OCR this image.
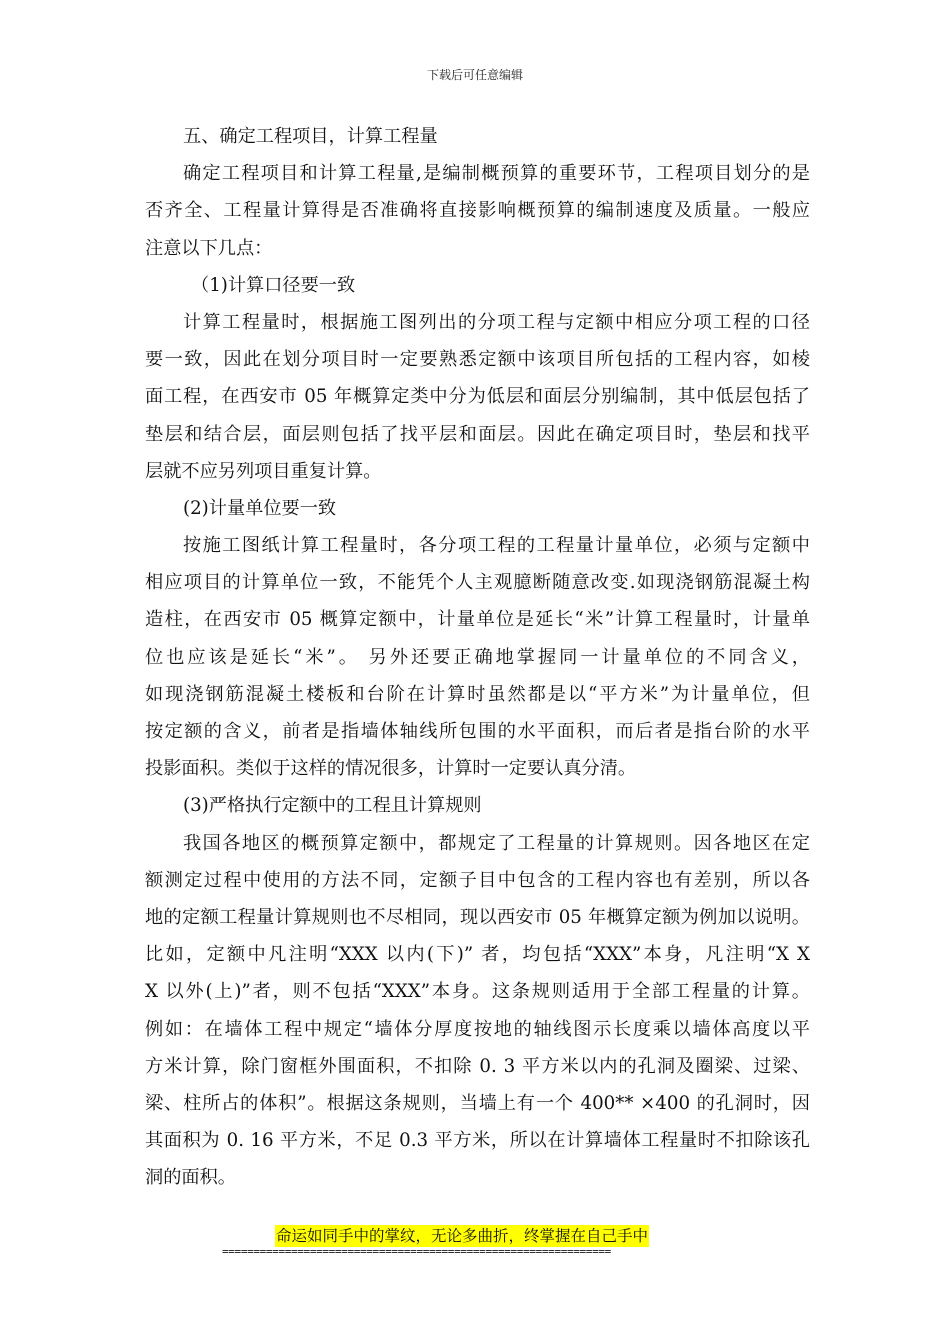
下载后可任意编辑
五、确定工程项目，计算工程量
确定工程项目和计算工程量,是编制概预算的重要环节，工程项目划分的是
否齐全、工程量计算得是否准确将直接影响概预算的编制速度及质量。一般应
注意以下几点：
（1)计算口径要一致
计算工程量时，根据施工图列出的分项工程与定额中相应分项工程的口径
要一致，因此在划分项目时一定要熟悉定额中该项目所包括的工程内容，如棱
面工程，在西安市 05 年概算定类中分为低层和面层分别编制，其中低层包括了
垫层和结合层，面层则包括了找平层和面层。因此在确定项目时，垫层和找平
层就不应另列项目重复计算。
(2)计量单位要一致
按施工图纸计算工程量时，各分项工程的工程量计量单位，必须与定额中
相应项目的计算单位一致，不能凭个人主观臆断随意改变.如现浇钢筋混凝土构
造柱，在西安市 05 概算定额中，计量单位是延长“米”计算工程量时，计量单
位也应该是延长“米”。 另外还要正确地掌握同一计量单位的不同含义，
如现浇钢筋混凝土楼板和台阶在计算时虽然都是以“平方米”为计量单位，但
按定额的含义，前者是指墙体轴线所包围的水平面积，而后者是指台阶的水平
投影面积。类似于这样的情况很多，计算时一定要认真分清。
(3)严格执行定额中的工程且计算规则
我国各地区的概预算定额中，都规定了工程量的计算规则。因各地区在定
额测定过程中使用的方法不同，定额子目中包含的工程内容也有差别，所以各
地的定额工程量计算规则也不尽相同，现以西安市 05 年概算定额为例加以说明。
比如，定额中凡注明“XXX 以内(下)” 者，均包括“XXX”本身，凡注明“X X
X 以外(上)”者，则不包括“XXX”本身。这条规则适用于全部工程量的计算。
例如：在墙体工程中规定“墙体分厚度按地的轴线图示长度乘以墙体高度以平
方米计算，除门窗框外围面积，不扣除 0. 3 平方米以内的孔洞及圈梁、过梁、
梁、柱所占的体积”。根据这条规则，当墙上有一个 400** ×400 的孔洞时，因
其面积为 0. 16 平方米，不足 0.3 平方米，所以在计算墙体工程量时不扣除该孔
洞的面积。
命运如同手中的掌纹，无论多曲折，终掌握在自己手中
==============================================================
